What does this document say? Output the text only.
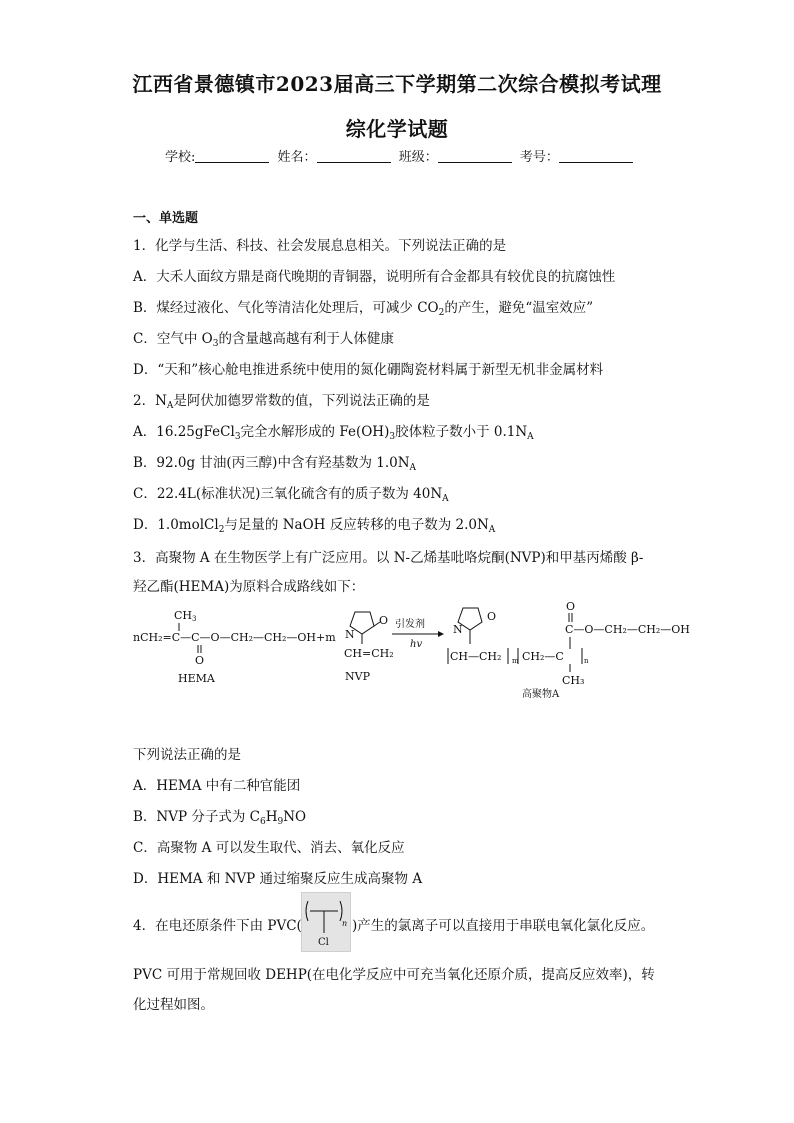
江西省景德镇市2023届高三下学期第二次综合模拟考试理
综化学试题
学校:	姓名：	班级：	考号：
一、单选题
1．化学与生活、科技、社会发展息息相关。下列说法正确的是
A．大禾人面纹方鼎是商代晚期的青铜器，说明所有合金都具有较优良的抗腐蚀性
B．煤经过液化、气化等清洁化处理后，可减少 $CO_2$的产生，避免“温室效应”
C．空气中 $O_3$的含量越高越有利于人体健康
D．“天和”核心舱电推进系统中使用的氮化硼陶瓷材料属于新型无机非金属材料
2．$N_A$是阿伏加德罗常数的值，下列说法正确的是
A．16.25gFeCl$_3$完全水解形成的 $Fe(OH)_3$胶体粒子数小于 $0.1N_A$
B．92.0g 甘油(丙三醇)中含有羟基数为 $1.0N_A$
C．22.4L(标准状况)三氧化硫含有的质子数为 $40N_A$
D．1.0molCl$_2$与足量的 NaOH 反应转移的电子数为 $2.0N_A$
3．高聚物 A 在生物医学上有广泛应用。以 N-乙烯基吡咯烷酮(NVP)和甲基丙烯酸 β-
羟乙酯(HEMA)为原料合成路线如下：
CH3
nCH₂=C—C—O—CH₂—CH₂—OH+m
O
HEMA
N
O
CH=CH₂
NVP
引发剂
hv
N
O
CH—CH₂ m CH₂—C	n
O
C—O—CH₂—CH₂—OH
CH₃
高聚物A
下列说法正确的是
A．HEMA 中有二种官能团
B．NVP 分子式为 $C_6H_9NO$
C．高聚物 A 可以发生取代、消去、氧化反应
D．HEMA 和 NVP 通过缩聚反应生成高聚物 A
4．在电还原条件下由 PVC(	n
Cl
)产生的氯离子可以直接用于串联电氧化氯化反应。
PVC 可用于常规回收 DEHP(在电化学反应中可充当氧化还原介质，提高反应效率)，转
化过程如图。
